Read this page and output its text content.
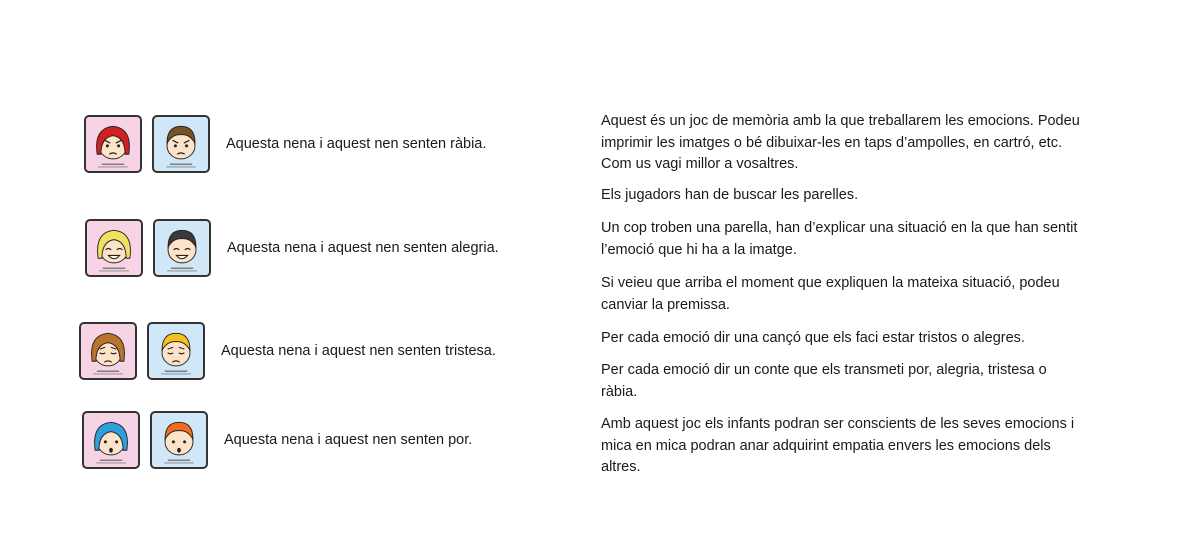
Aquesta nena i aquest nen senten ràbia.
Aquesta nena i aquest nen senten alegria.
Aquesta nena i aquest nen senten tristesa.
Aquesta nena i aquest nen senten por.
Aquest és un joc de memòria amb la que treballarem les emocions. Podeu imprimir les imatges o bé dibuixar-les en taps d’ampolles, en cartró, etc. Com us vagi millor a vosaltres.
Els jugadors han de buscar les parelles.
Un cop troben una parella, han d’explicar una situació en la que han sentit l’emoció que hi ha a la imatge.
Si veieu que arriba el moment que expliquen la mateixa situació, podeu canviar la premissa.
Per cada emoció dir una cançó que els faci estar tristos o alegres.
Per cada emoció dir un conte que els transmeti por, alegria, tristesa o ràbia.
Amb aquest joc els infants podran ser conscients de les seves emocions i mica en mica podran anar adquirint empatia envers les emocions dels altres.
